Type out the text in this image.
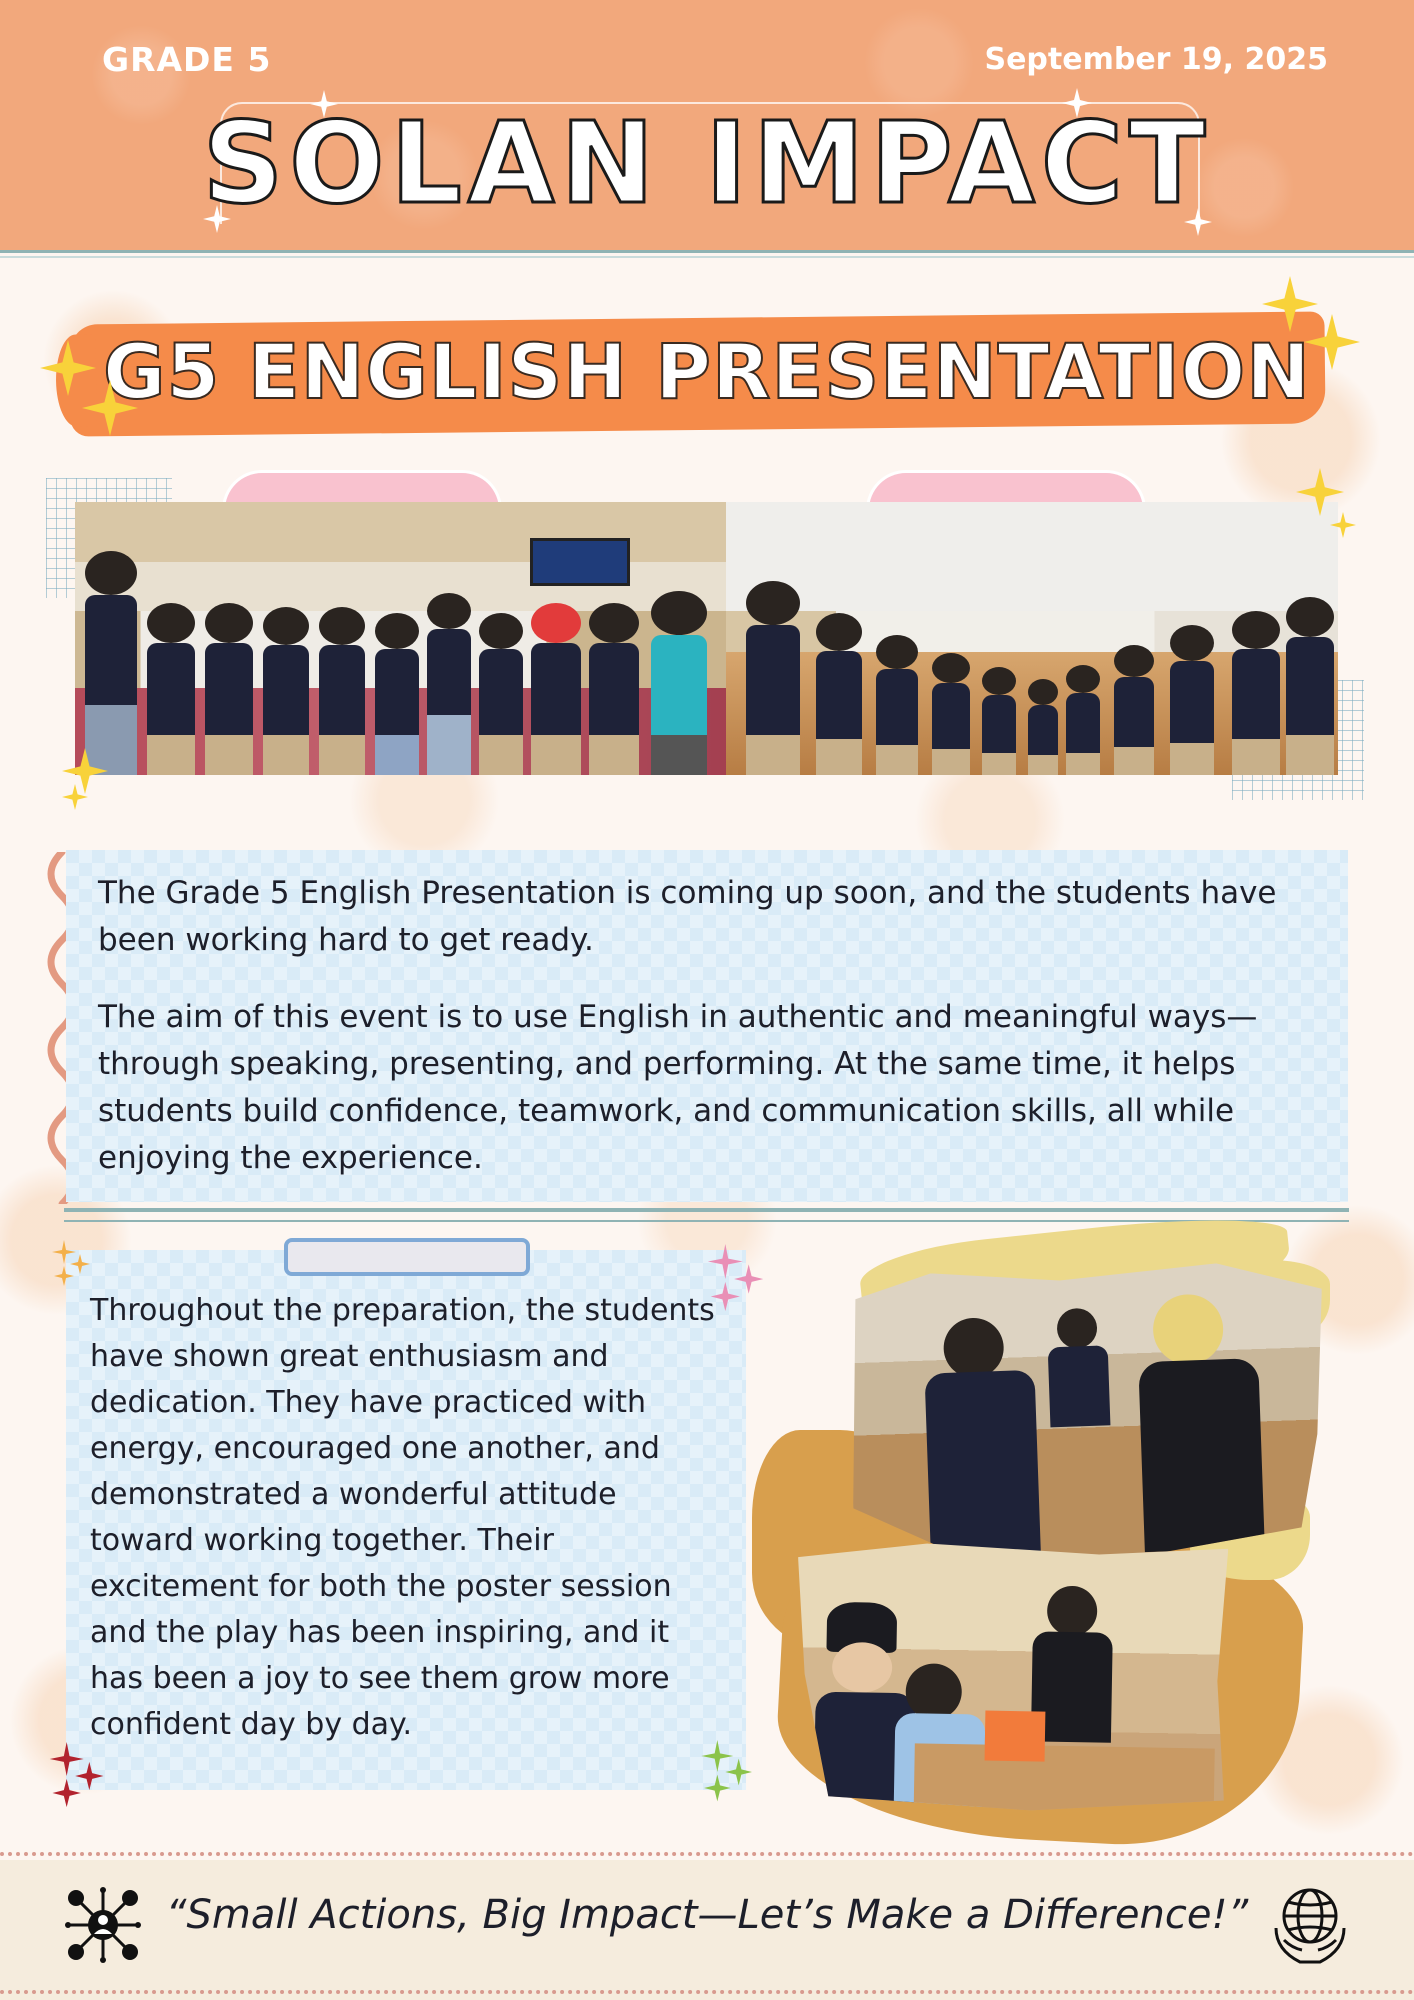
GRADE 5	September 19, 2025
SOLAN IMPACT
G5 ENGLISH PRESENTATION

The Grade 5 English Presentation is coming up soon, and the students have been working hard to get ready.

The aim of this event is to use English in authentic and meaningful ways—through speaking, presenting, and performing. At the same time, it helps students build confidence, teamwork, and communication skills, all while enjoying the experience.

Throughout the preparation, the students have shown great enthusiasm and dedication. They have practiced with energy, encouraged one another, and demonstrated a wonderful attitude toward working together. Their excitement for both the poster session and the play has been inspiring, and it has been a joy to see them grow more confident day by day.

“Small Actions, Big Impact—Let’s Make a Difference!”
